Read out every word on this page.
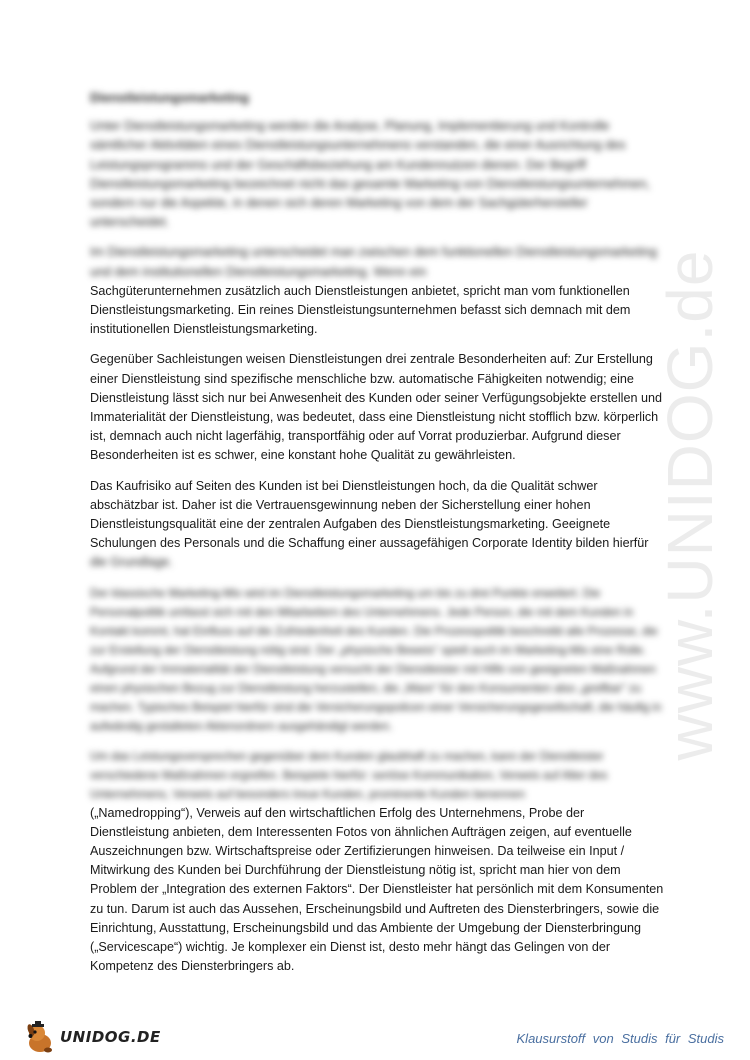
www.UNIDOG.de
Dienstleistungsmarketing

Unter Dienstleistungsmarketing werden die Analyse, Planung, Implementierung und Kontrolle sämtlicher Aktivitäten eines Dienstleistungsunternehmens verstanden, die einer Ausrichtung des Leistungsprogramms und der Geschäftsbeziehung am Kundennutzen dienen. Der Begriff Dienstleistungsmarketing bezeichnet nicht das gesamte Marketing von Dienstleistungsunternehmen, sondern nur die Aspekte, in denen sich deren Marketing von dem der Sachgüterhersteller unterscheidet.

Im Dienstleistungsmarketing unterscheidet man zwischen dem funktionellen Dienstleistungsmarketing und dem institutionellen Dienstleistungsmarketing. Wenn ein
Sachgüterunternehmen zusätzlich auch Dienstleistungen anbietet, spricht man vom funktionellen Dienstleistungsmarketing. Ein reines Dienstleistungsunternehmen befasst sich demnach mit dem institutionellen Dienstleistungsmarketing.

Gegenüber Sachleistungen weisen Dienstleistungen drei zentrale Besonderheiten auf: Zur Erstellung einer Dienstleistung sind spezifische menschliche bzw. automatische Fähigkeiten notwendig; eine Dienstleistung lässt sich nur bei Anwesenheit des Kunden oder seiner Verfügungsobjekte erstellen und Immaterialität der Dienstleistung, was bedeutet, dass eine Dienstleistung nicht stofflich bzw. körperlich ist, demnach auch nicht lagerfähig, transportfähig oder auf Vorrat produzierbar. Aufgrund dieser Besonderheiten ist es schwer, eine konstant hohe Qualität zu gewährleisten.

Das Kaufrisiko auf Seiten des Kunden ist bei Dienstleistungen hoch, da die Qualität schwer abschätzbar ist. Daher ist die Vertrauensgewinnung neben der Sicherstellung einer hohen Dienstleistungsqualität eine der zentralen Aufgaben des Dienstleistungsmarketing. Geeignete Schulungen des Personals und die Schaffung einer aussagefähigen Corporate Identity bilden hierfür
die Grundlage.

Der klassische Marketing-Mix wird im Dienstleistungsmarketing um bis zu drei Punkte erweitert. Die Personalpolitik umfasst sich mit den Mitarbeitern des Unternehmens. Jede Person, die mit dem Kunden in Kontakt kommt, hat Einfluss auf die Zufriedenheit des Kunden. Die Prozesspolitik beschreibt alle Prozesse, die zur Erstellung der Dienstleistung nötig sind. Der „physische Beweis“ spielt auch im Marketing-Mix eine Rolle. Aufgrund der Immaterialität der Dienstleistung versucht der Dienstleister mit Hilfe von geeigneten Maßnahmen einen physischen Bezug zur Dienstleistung herzustellen, die „Ware“ für den Konsumenten also „greifbar“ zu machen. Typisches Beispiel hierfür sind die Versicherungspolicen einer Versicherungsgesellschaft, die häufig in aufwändig gestalteten Aktenordnern ausgehändigt werden.

Um das Leistungsversprechen gegenüber dem Kunden glaubhaft zu machen, kann der Dienstleister verschiedene Maßnahmen ergreifen. Beispiele hierfür: seriöse Kommunikation, Verweis auf Alter des Unternehmens, Verweis auf besonders treue Kunden, prominente Kunden benennen
(„Namedropping“), Verweis auf den wirtschaftlichen Erfolg des Unternehmens, Probe der Dienstleistung anbieten, dem Interessenten Fotos von ähnlichen Aufträgen zeigen, auf eventuelle Auszeichnungen bzw. Wirtschaftspreise oder Zertifizierungen hinweisen. Da teilweise ein Input / Mitwirkung des Kunden bei Durchführung der Dienstleistung nötig ist, spricht man hier von dem Problem der „Integration des externen Faktors“. Der Dienstleister hat persönlich mit dem Konsumenten zu tun. Darum ist auch das Aussehen, Erscheinungsbild und Auftreten des Diensterbringers, sowie die Einrichtung, Ausstattung, Erscheinungsbild und das Ambiente der Umgebung der Diensterbringung („Servicescape“) wichtig. Je komplexer ein Dienst ist, desto mehr hängt das Gelingen von der Kompetenz des Diensterbringers ab.

UNIDOG.DE	Klausurstoff von Studis für Studis
